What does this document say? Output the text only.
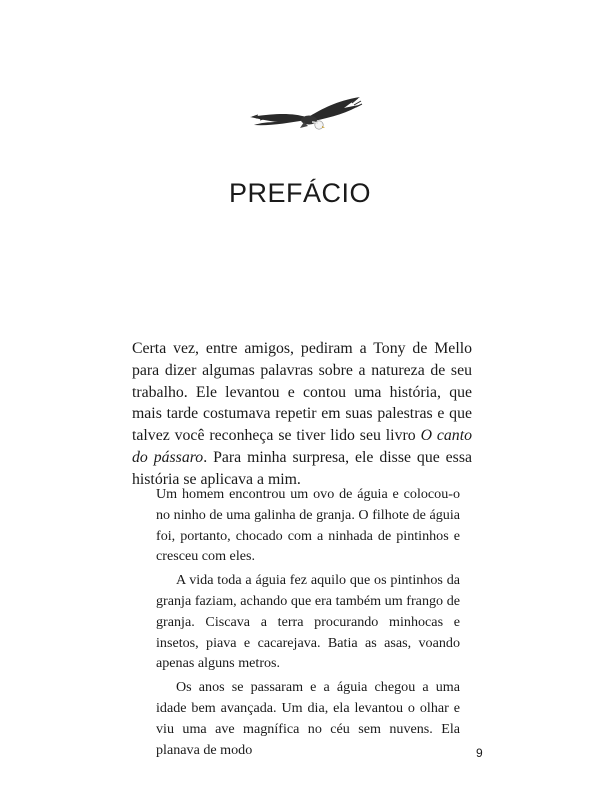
PREFÁCIO

Certa vez, entre amigos, pediram a Tony de Mello para dizer algumas palavras sobre a natureza de seu trabalho. Ele levantou e contou uma história, que mais tarde costumava repetir em suas palestras e que talvez você reconheça se tiver lido seu livro O canto do pássaro. Para minha surpresa, ele disse que essa história se aplicava a mim.

Um homem encontrou um ovo de águia e colocou-o no ninho de uma galinha de granja. O filhote de águia foi, portanto, chocado com a ninhada de pintinhos e cresceu com eles.

A vida toda a águia fez aquilo que os pintinhos da granja faziam, achando que era também um frango de granja. Ciscava a terra procurando minhocas e insetos, piava e cacarejava. Batia as asas, voando apenas alguns metros.

Os anos se passaram e a águia chegou a uma idade bem avançada. Um dia, ela levantou o olhar e viu uma ave magnífica no céu sem nuvens. Ela planava de modo	9
